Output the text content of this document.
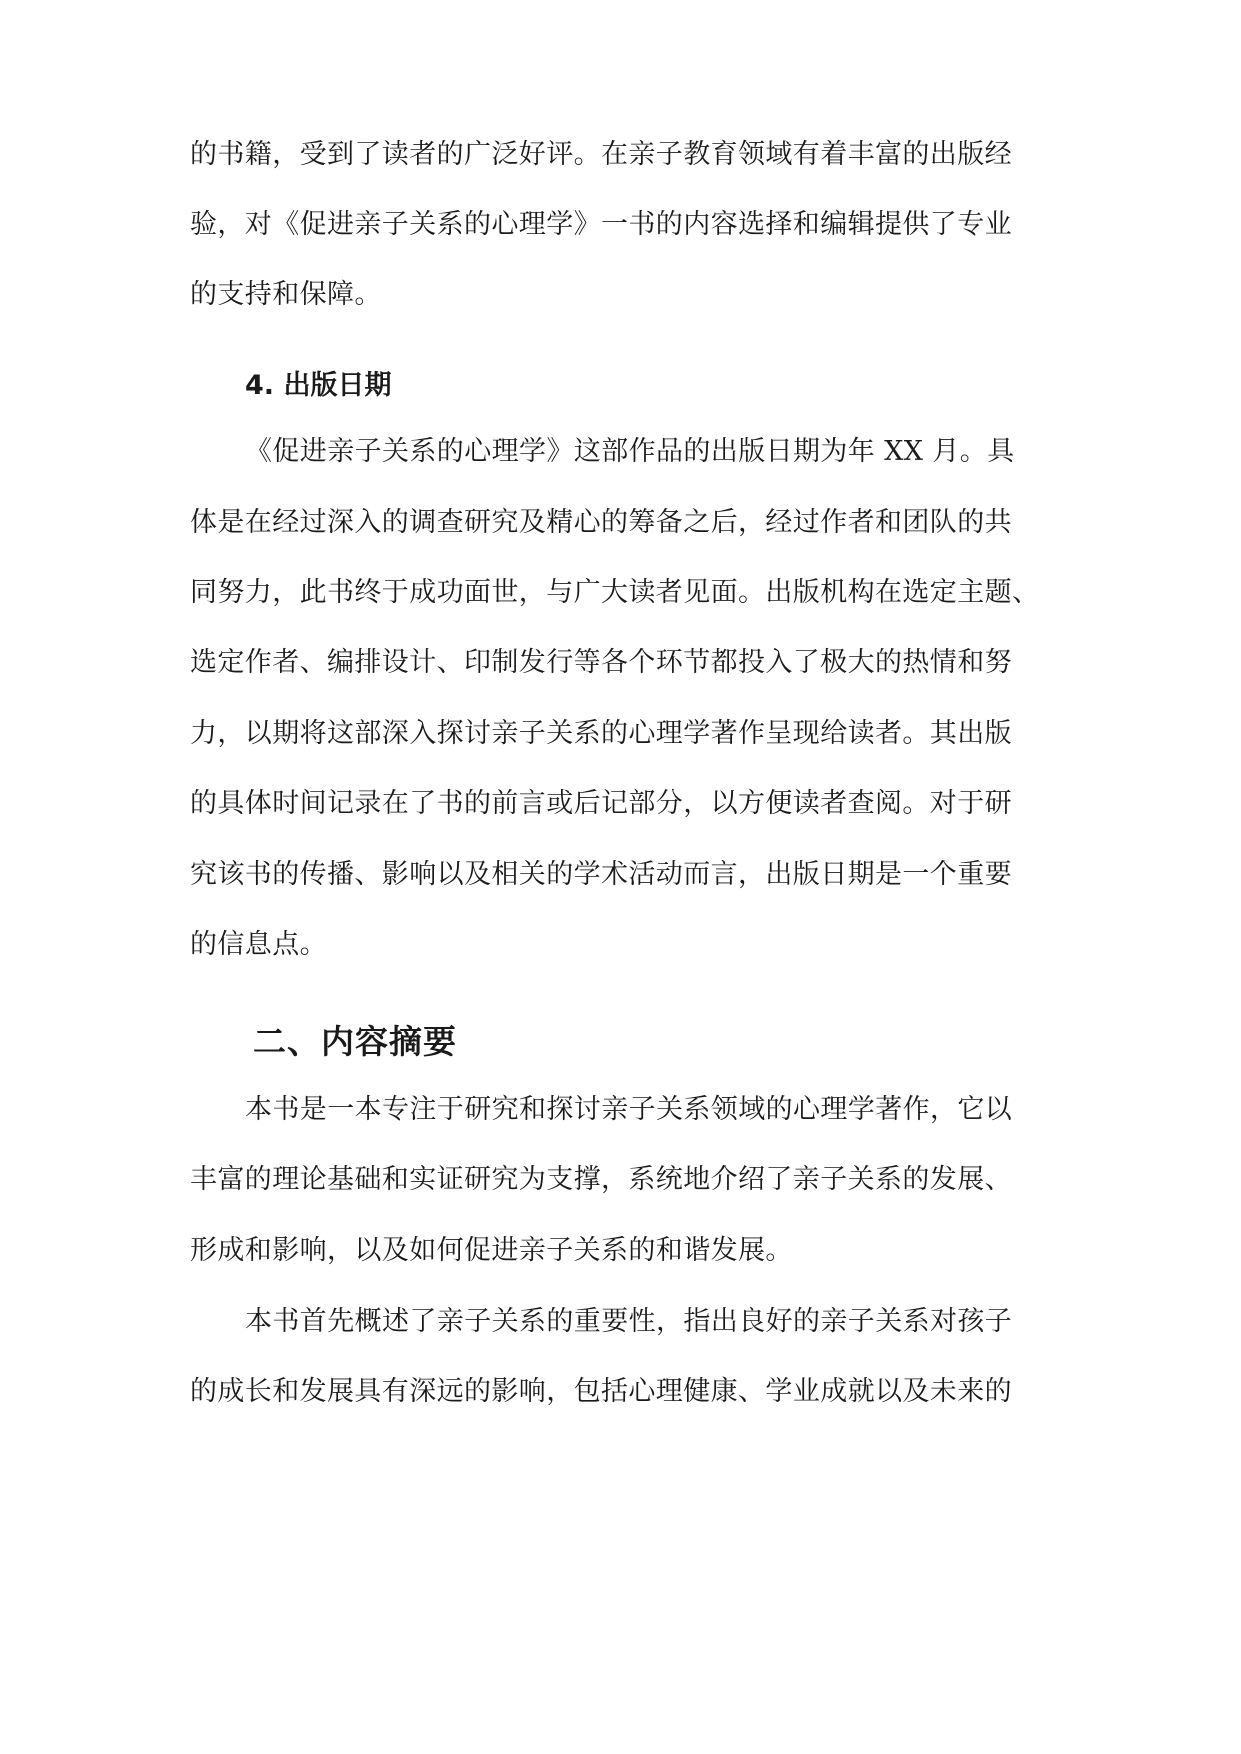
的书籍，受到了读者的广泛好评。在亲子教育领域有着丰富的出版经
验，对《促进亲子关系的心理学》一书的内容选择和编辑提供了专业
的支持和保障。
4. 出版日期
《促进亲子关系的心理学》这部作品的出版日期为年 XX 月。具
体是在经过深入的调查研究及精心的筹备之后，经过作者和团队的共
同努力，此书终于成功面世，与广大读者见面。出版机构在选定主题、
选定作者、编排设计、印制发行等各个环节都投入了极大的热情和努
力，以期将这部深入探讨亲子关系的心理学著作呈现给读者。其出版
的具体时间记录在了书的前言或后记部分，以方便读者查阅。对于研
究该书的传播、影响以及相关的学术活动而言，出版日期是一个重要
的信息点。
二、内容摘要
本书是一本专注于研究和探讨亲子关系领域的心理学著作，它以
丰富的理论基础和实证研究为支撑，系统地介绍了亲子关系的发展、
形成和影响，以及如何促进亲子关系的和谐发展。
本书首先概述了亲子关系的重要性，指出良好的亲子关系对孩子
的成长和发展具有深远的影响，包括心理健康、学业成就以及未来的
